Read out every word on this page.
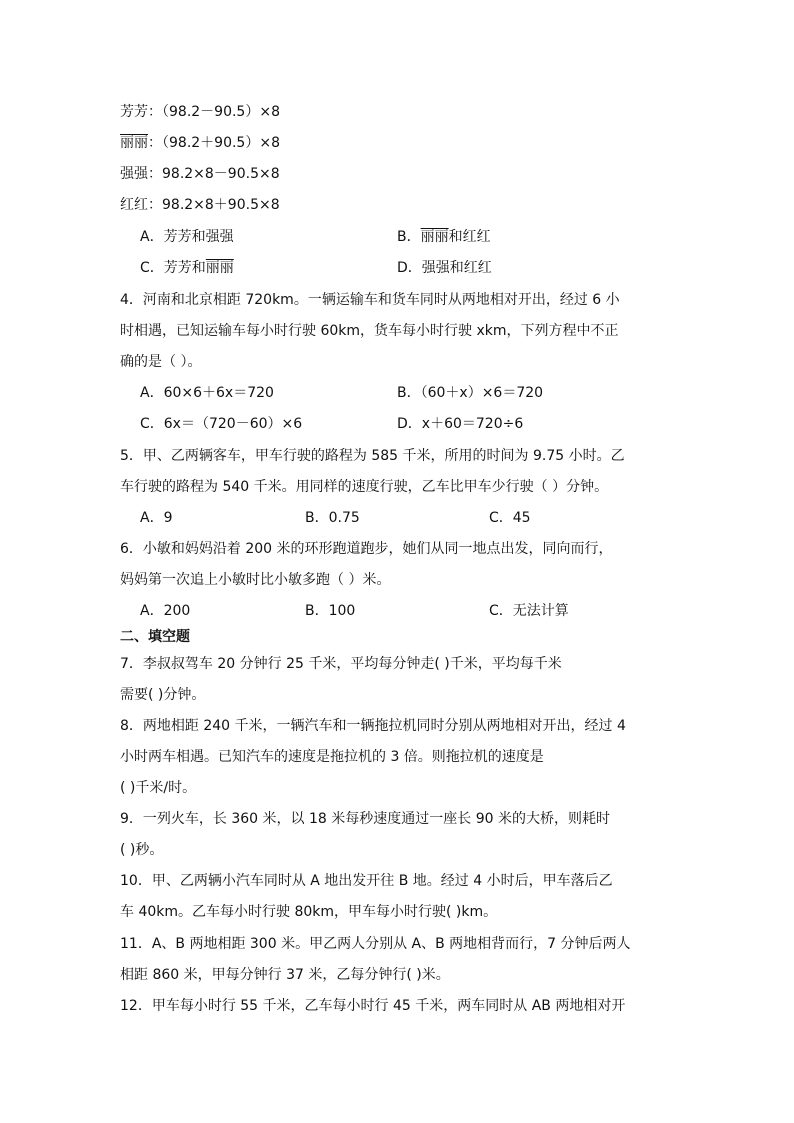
芳芳：（98.2－90.5）×8
丽丽：（98.2＋90.5）×8
强强：98.2×8－90.5×8
红红：98.2×8＋90.5×8
A．芳芳和强强	B．丽丽和红红
C．芳芳和丽丽	D．强强和红红
4．河南和北京相距 720km。一辆运输车和货车同时从两地相对开出，经过 6 小
时相遇，已知运输车每小时行驶 60km，货车每小时行驶 xkm，下列方程中不正
确的是（ ）。
A．60×6＋6x＝720	B．（60＋x）×6＝720
C．6x＝（720－60）×6	D．x＋60＝720÷6
5．甲、乙两辆客车，甲车行驶的路程为 585 千米，所用的时间为 9.75 小时。乙
车行驶的路程为 540 千米。用同样的速度行驶，乙车比甲车少行驶（ ）分钟。
A．9	B．0.75	C．45
6．小敏和妈妈沿着 200 米的环形跑道跑步，她们从同一地点出发，同向而行，
妈妈第一次追上小敏时比小敏多跑（ ）米。
A．200	B．100	C．无法计算
二、填空题
7．李叔叔驾车 20 分钟行 25 千米，平均每分钟走( )千米，平均每千米
需要( )分钟。
8．两地相距 240 千米，一辆汽车和一辆拖拉机同时分别从两地相对开出，经过 4
小时两车相遇。已知汽车的速度是拖拉机的 3 倍。则拖拉机的速度是
( )千米/时。
9．一列火车，长 360 米，以 18 米每秒速度通过一座长 90 米的大桥，则耗时
( )秒。
10．甲、乙两辆小汽车同时从 A 地出发开往 B 地。经过 4 小时后，甲车落后乙
车 40km。乙车每小时行驶 80km，甲车每小时行驶( )km。
11．A、B 两地相距 300 米。甲乙两人分别从 A、B 两地相背而行，7 分钟后两人
相距 860 米，甲每分钟行 37 米，乙每分钟行( )米。
12．甲车每小时行 55 千米，乙车每小时行 45 千米，两车同时从 AB 两地相对开
